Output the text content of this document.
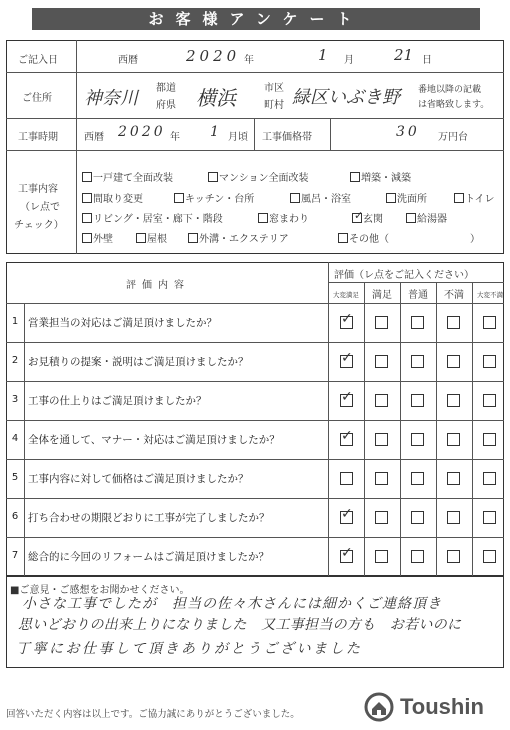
お客様アンケート
ご記入日	西暦	2020 年	1 月	21 日
ご住所 神奈川 都道
府県 横浜	市区
町村 緑区いぶき野 番地以降の記載
は省略致します。
工事時期	西暦 2020 年 1 月頃 工事価格帯	30 万円台
工事内容
（レ点で
チェック）
一戸建て全面改装	マンション全面改装	増築・減築
間取り変更	キッチン・台所	風呂・浴室	洗面所	トイレ
リビング・居室・廊下・階段	窓まわり	✓ 玄関	給湯器
外壁	屋根	外溝・エクステリア	その他（	）
評価内容
評価（レ点をご記入ください）
大変満足	満足	普通	不満	大変不満
1 営業担当の対応はご満足頂けましたか？	✓
2 お見積りの提案・説明はご満足頂けましたか？	✓
3 工事の仕上りはご満足頂けましたか？	✓
4 全体を通して、マナー・対応はご満足頂けましたか？	✓
5 工事内容に対して価格はご満足頂けましたか？
6 打ち合わせの期限どおりに工事が完了しましたか？	✓
7 総合的に今回のリフォームはご満足頂けましたか？	✓
■ご意見・ご感想をお聞かせください。
小さな工事でしたが　担当の佐々木さんには細かくご連絡頂き
思いどおりの出来上りになりました　又工事担当の方も　お若いのに
丁寧にお仕事して頂きありがとうございました
回答いただく内容は以上です。ご協力誠にありがとうございました。	Toushin
